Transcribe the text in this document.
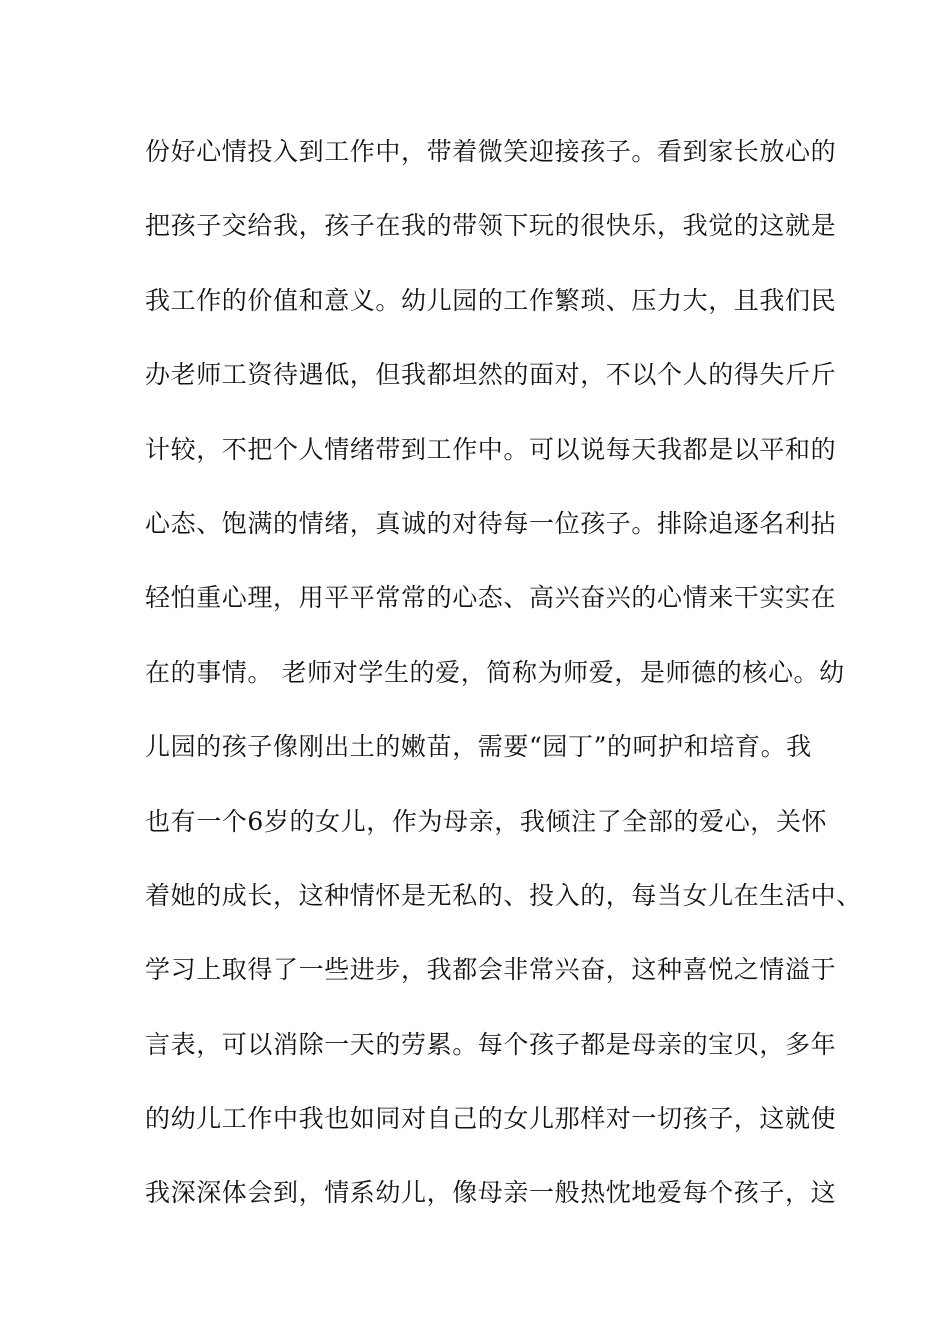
份好心情投入到工作中，带着微笑迎接孩子。看到家长放心的
把孩子交给我，孩子在我的带领下玩的很快乐，我觉的这就是
我工作的价值和意义。幼儿园的工作繁琐、压力大，且我们民
办老师工资待遇低，但我都坦然的面对，不以个人的得失斤斤
计较，不把个人情绪带到工作中。可以说每天我都是以平和的
心态、饱满的情绪，真诚的对待每一位孩子。排除追逐名利拈
轻怕重心理，用平平常常的心态、高兴奋兴的心情来干实实在
在的事情。 老师对学生的爱，简称为师爱，是师德的核心。幼
儿园的孩子像刚出土的嫩苗，需要“园丁”的呵护和培育。我
也有一个6岁的女儿，作为母亲，我倾注了全部的爱心，关怀
着她的成长，这种情怀是无私的、投入的，每当女儿在生活中、
学习上取得了一些进步，我都会非常兴奋，这种喜悦之情溢于
言表，可以消除一天的劳累。每个孩子都是母亲的宝贝，多年
的幼儿工作中我也如同对自己的女儿那样对一切孩子，这就使
我深深体会到，情系幼儿，像母亲一般热忱地爱每个孩子，这
